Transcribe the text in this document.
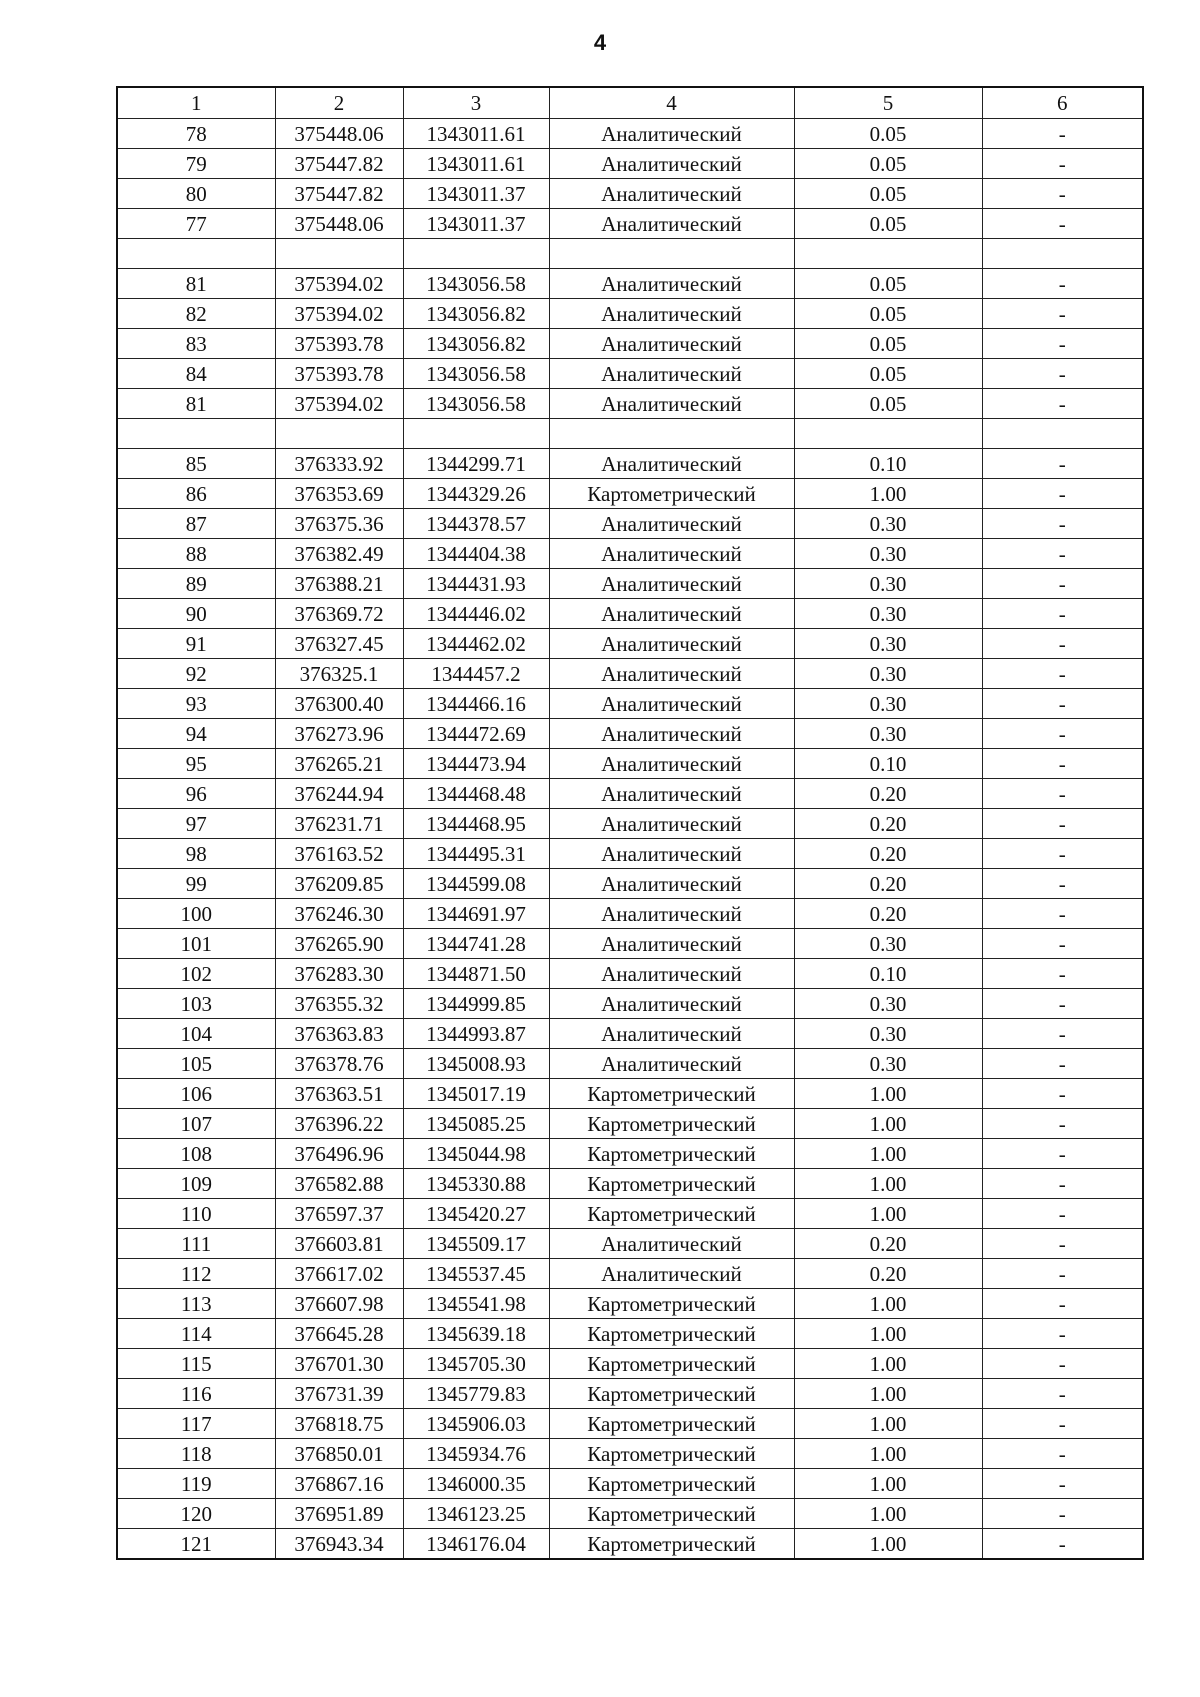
4
1	2	3	4	5	6
78	375448.06	1343011.61	Аналитический	0.05	-
79	375447.82	1343011.61	Аналитический	0.05	-
80	375447.82	1343011.37	Аналитический	0.05	-
77	375448.06	1343011.37	Аналитический	0.05	-

81	375394.02	1343056.58	Аналитический	0.05	-
82	375394.02	1343056.82	Аналитический	0.05	-
83	375393.78	1343056.82	Аналитический	0.05	-
84	375393.78	1343056.58	Аналитический	0.05	-
81	375394.02	1343056.58	Аналитический	0.05	-

85	376333.92	1344299.71	Аналитический	0.10	-
86	376353.69	1344329.26	Картометрический	1.00	-
87	376375.36	1344378.57	Аналитический	0.30	-
88	376382.49	1344404.38	Аналитический	0.30	-
89	376388.21	1344431.93	Аналитический	0.30	-
90	376369.72	1344446.02	Аналитический	0.30	-
91	376327.45	1344462.02	Аналитический	0.30	-
92	376325.1	1344457.2	Аналитический	0.30	-
93	376300.40	1344466.16	Аналитический	0.30	-
94	376273.96	1344472.69	Аналитический	0.30	-
95	376265.21	1344473.94	Аналитический	0.10	-
96	376244.94	1344468.48	Аналитический	0.20	-
97	376231.71	1344468.95	Аналитический	0.20	-
98	376163.52	1344495.31	Аналитический	0.20	-
99	376209.85	1344599.08	Аналитический	0.20	-
100	376246.30	1344691.97	Аналитический	0.20	-
101	376265.90	1344741.28	Аналитический	0.30	-
102	376283.30	1344871.50	Аналитический	0.10	-
103	376355.32	1344999.85	Аналитический	0.30	-
104	376363.83	1344993.87	Аналитический	0.30	-
105	376378.76	1345008.93	Аналитический	0.30	-
106	376363.51	1345017.19	Картометрический	1.00	-
107	376396.22	1345085.25	Картометрический	1.00	-
108	376496.96	1345044.98	Картометрический	1.00	-
109	376582.88	1345330.88	Картометрический	1.00	-
110	376597.37	1345420.27	Картометрический	1.00	-
111	376603.81	1345509.17	Аналитический	0.20	-
112	376617.02	1345537.45	Аналитический	0.20	-
113	376607.98	1345541.98	Картометрический	1.00	-
114	376645.28	1345639.18	Картометрический	1.00	-
115	376701.30	1345705.30	Картометрический	1.00	-
116	376731.39	1345779.83	Картометрический	1.00	-
117	376818.75	1345906.03	Картометрический	1.00	-
118	376850.01	1345934.76	Картометрический	1.00	-
119	376867.16	1346000.35	Картометрический	1.00	-
120	376951.89	1346123.25	Картометрический	1.00	-
121	376943.34	1346176.04	Картометрический	1.00	-
